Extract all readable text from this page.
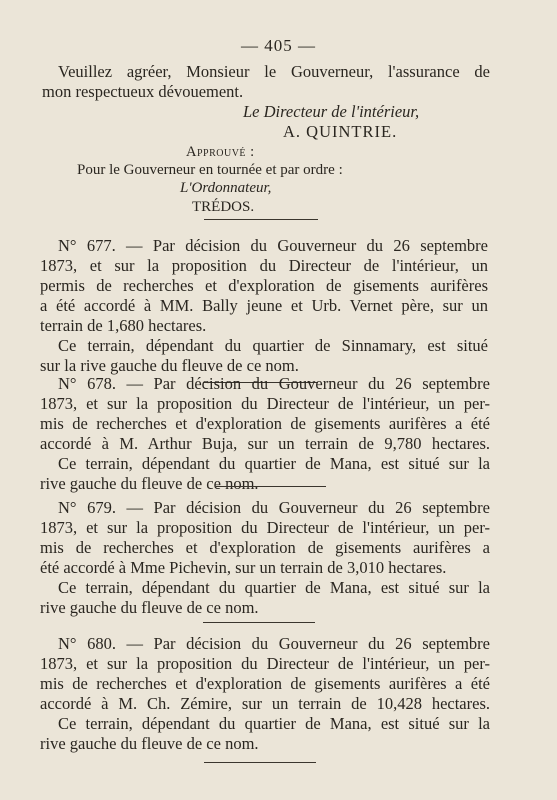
— 405 —
Veuillez agréer, Monsieur le Gouverneur, l'assurance de
mon respectueux dévouement.
Le Directeur de l'intérieur,
A. QUINTRIE.
Approuvé :
Pour le Gouverneur en tournée et par ordre :
L'Ordonnateur,
TRÉDOS.
N° 677. — Par décision du Gouverneur du 26 septembre
1873, et sur la proposition du Directeur de l'intérieur, un
permis de recherches et d'exploration de gisements aurifères
a été accordé à MM. Bally jeune et Urb. Vernet père, sur un
terrain de 1,680 hectares.
Ce terrain, dépendant du quartier de Sinnamary, est situé
sur la rive gauche du fleuve de ce nom.
N° 678. — Par décision du Gouverneur du 26 septembre
1873, et sur la proposition du Directeur de l'intérieur, un per-
mis de recherches et d'exploration de gisements aurifères a été
accordé à M. Arthur Buja, sur un terrain de 9,780 hectares.
Ce terrain, dépendant du quartier de Mana, est situé sur la
rive gauche du fleuve de ce nom.
N° 679. — Par décision du Gouverneur du 26 septembre
1873, et sur la proposition du Directeur de l'intérieur, un per-
mis de recherches et d'exploration de gisements aurifères a
été accordé à Mme Pichevin, sur un terrain de 3,010 hectares.
Ce terrain, dépendant du quartier de Mana, est situé sur la
rive gauche du fleuve de ce nom.
N° 680. — Par décision du Gouverneur du 26 septembre
1873, et sur la proposition du Directeur de l'intérieur, un per-
mis de recherches et d'exploration de gisements aurifères a été
accordé à M. Ch. Zémire, sur un terrain de 10,428 hectares.
Ce terrain, dépendant du quartier de Mana, est situé sur la
rive gauche du fleuve de ce nom.
